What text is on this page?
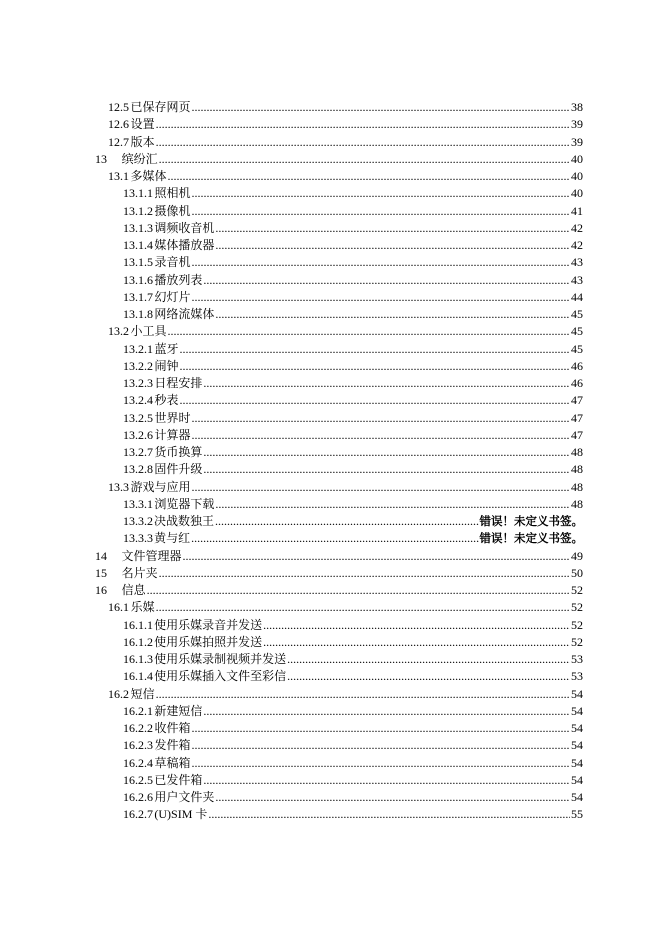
12.5 已保存网页 .....	38
12.6 设置 .....	39
12.7 版本 .....	39
13	缤纷汇 .....	40
13.1 多媒体 .....	40
13.1.1 照相机 .....	40
13.1.2 摄像机 .....	41
13.1.3 调频收音机 .....	42
13.1.4 媒体播放器 .....	42
13.1.5 录音机 .....	43
13.1.6 播放列表 .....	43
13.1.7 幻灯片 .....	44
13.1.8 网络流媒体 .....	45
13.2 小工具 .....	45
13.2.1 蓝牙 .....	45
13.2.2 闹钟 .....	46
13.2.3 日程安排 .....	46
13.2.4 秒表 .....	47
13.2.5 世界时 .....	47
13.2.6 计算器 .....	47
13.2.7 货币换算 .....	48
13.2.8 固件升级 .....	48
13.3 游戏与应用 .....	48
13.3.1 浏览器下载 .....	48
13.3.2 决战数独王 .....	错误！未定义书签。
13.3.3 黄与红 .....	错误！未定义书签。
14	文件管理器 .....	49
15	名片夹 .....	50
16	信息 .....	52
16.1 乐媒 .....	52
16.1.1 使用乐媒录音并发送 .....	52
16.1.2 使用乐媒拍照并发送 .....	52
16.1.3 使用乐媒录制视频并发送 .....	53
16.1.4 使用乐媒插入文件至彩信 .....	53
16.2 短信 .....	54
16.2.1 新建短信 .....	54
16.2.2 收件箱 .....	54
16.2.3 发件箱 .....	54
16.2.4 草稿箱 .....	54
16.2.5 已发件箱 .....	54
16.2.6 用户文件夹 .....	54
16.2.7 (U)SIM 卡 .....	55
